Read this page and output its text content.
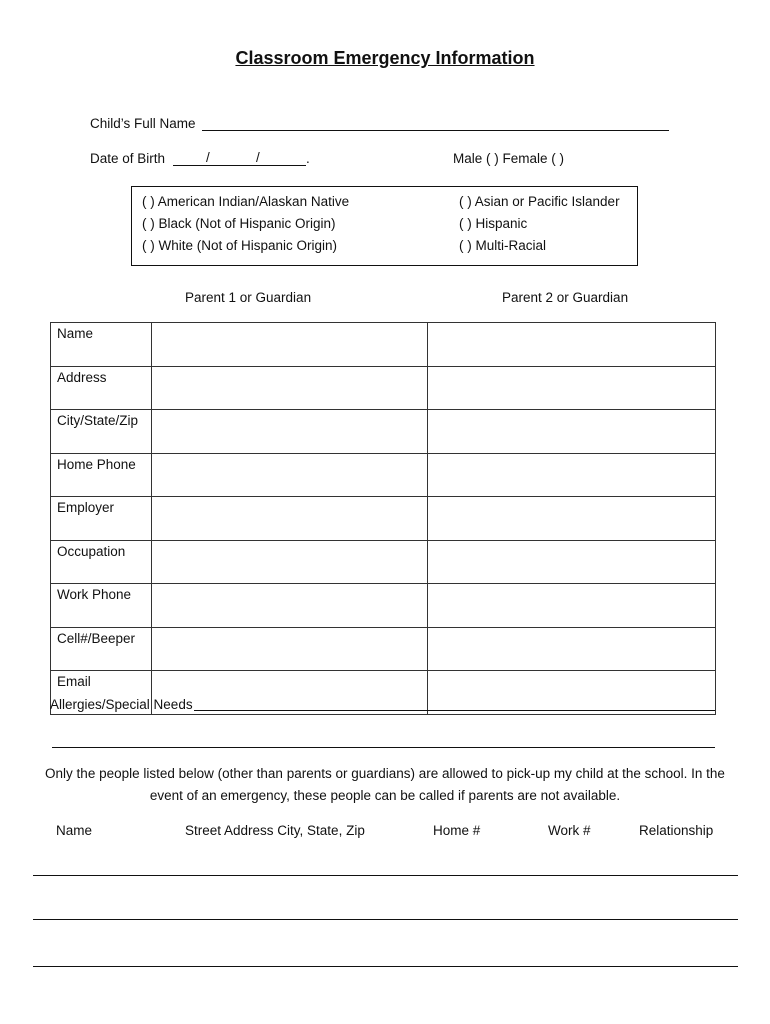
Classroom Emergency Information
Child’s Full Name
Date of Birth	/	/	.	Male ( ) Female ( )
( ) American Indian/Alaskan Native
( ) Black (Not of Hispanic Origin)
( ) White (Not of Hispanic Origin)
( ) Asian or Pacific Islander
( ) Hispanic
( ) Multi-Racial
Parent 1 or Guardian	Parent 2 or Guardian
Name		
Address		
City/State/Zip		
Home Phone		
Employer		
Occupation		
Work Phone		
Cell#/Beeper		
Email		
Allergies/Special Needs
Only the people listed below (other than parents or guardians) are allowed to pick-up my child at the school. In the event of an emergency, these people can be called if parents are not available.
Name	Street Address City, State, Zip	Home #	Work #	Relationship
